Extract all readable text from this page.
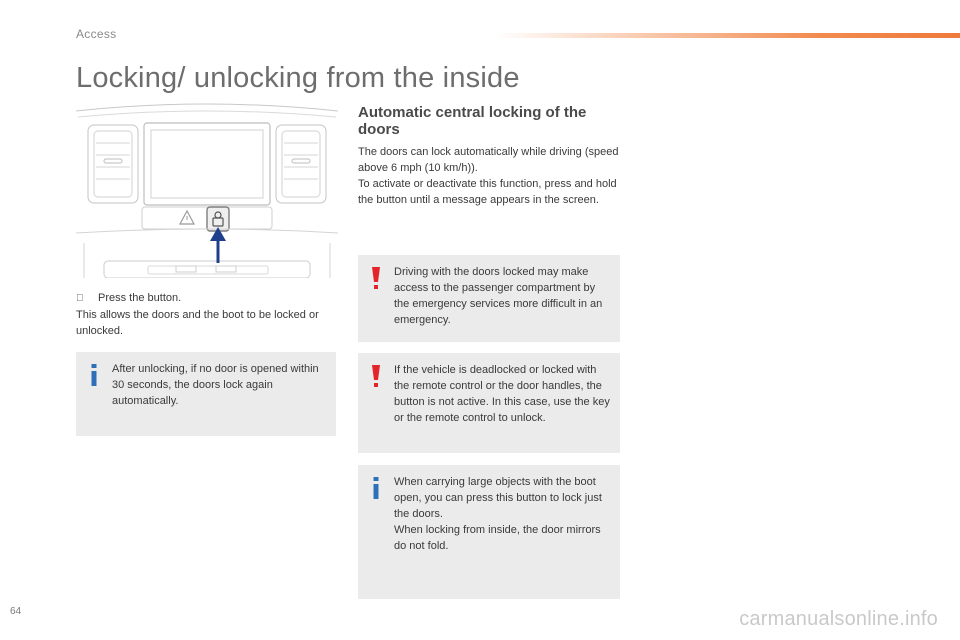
Access
Locking/ unlocking from the inside
Press the button.
This allows the doors and the boot to be locked or unlocked.
After unlocking, if no door is opened within 30 seconds, the doors lock again automatically.
Automatic central locking of the doors

The doors can lock automatically while driving (speed above 6 mph (10 km/h)).

To activate or deactivate this function, press and hold the button until a message appears in the screen.

Driving with the doors locked may make access to the passenger compartment by the emergency services more difficult in an emergency.
If the vehicle is deadlocked or locked with the remote control or the door handles, the button is not active. In this case, use the key or the remote control to unlock.

When carrying large objects with the boot open, you can press this button to lock just the doors.

When locking from inside, the door mirrors do not fold.

64	carmanualsonline.info
